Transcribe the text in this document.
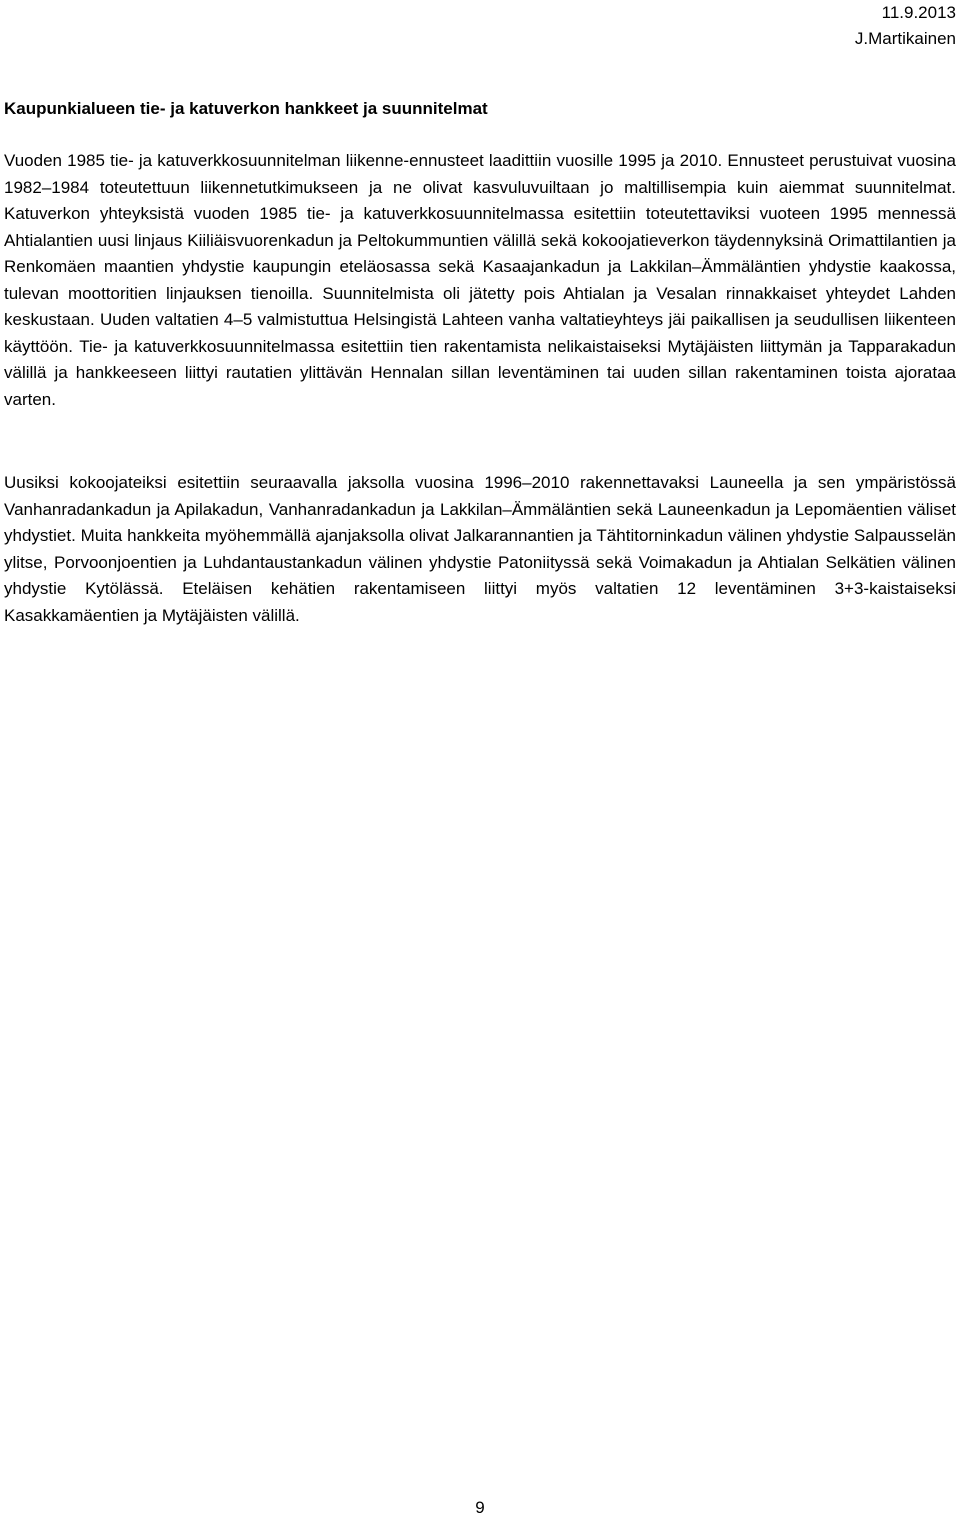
11.9.2013
J.Martikainen
Kaupunkialueen tie- ja katuverkon hankkeet ja suunnitelmat

Vuoden 1985 tie- ja katuverkkosuunnitelman liikenne-ennusteet laadittiin vuosille 1995 ja 2010. Ennusteet perustuivat vuosina 1982–1984 toteutettuun liikennetutkimukseen ja ne olivat kasvuluvuiltaan jo maltillisempia kuin aiemmat suunnitelmat. Katuverkon yhteyksistä vuoden 1985 tie- ja katuverkkosuunnitelmassa esitettiin toteutettaviksi vuoteen 1995 mennessä Ahtialantien uusi linjaus Kiiliäisvuorenkadun ja Peltokummuntien välillä sekä kokoojatieverkon täydennyksinä Orimattilantien ja Renkomäen maantien yhdystie kaupungin eteläosassa sekä Kasaajankadun ja Lakkilan–Ämmäläntien yhdystie kaakossa, tulevan moottoritien linjauksen tienoilla. Suunnitelmista oli jätetty pois Ahtialan ja Vesalan rinnakkaiset yhteydet Lahden keskustaan. Uuden valtatien 4–5 valmistuttua Helsingistä Lahteen vanha valtatieyhteys jäi paikallisen ja seudullisen liikenteen käyttöön. Tie- ja katuverkkosuunnitelmassa esitettiin tien rakentamista nelikaistaiseksi Mytäjäisten liittymän ja Tapparakadun välillä ja hankkeeseen liittyi rautatien ylittävän Hennalan sillan leventäminen tai uuden sillan rakentaminen toista ajorataa varten.

Uusiksi kokoojateiksi esitettiin seuraavalla jaksolla vuosina 1996–2010 rakennettavaksi Launeella ja sen ympäristössä Vanhanradankadun ja Apilakadun, Vanhanradankadun ja Lakkilan–Ämmäläntien sekä Launeenkadun ja Lepomäentien väliset yhdystiet. Muita hankkeita myöhemmällä ajanjaksolla olivat Jalkarannantien ja Tähtitorninkadun välinen yhdystie Salpausselän ylitse, Porvoonjoentien ja Luhdantaustankadun välinen yhdystie Patoniityssä sekä Voimakadun ja Ahtialan Selkätien välinen yhdystie Kytölässä. Eteläisen kehätien rakentamiseen liittyi myös valtatien 12 leventäminen 3+3-kaistaiseksi Kasakkamäentien ja Mytäjäisten välillä.

9
